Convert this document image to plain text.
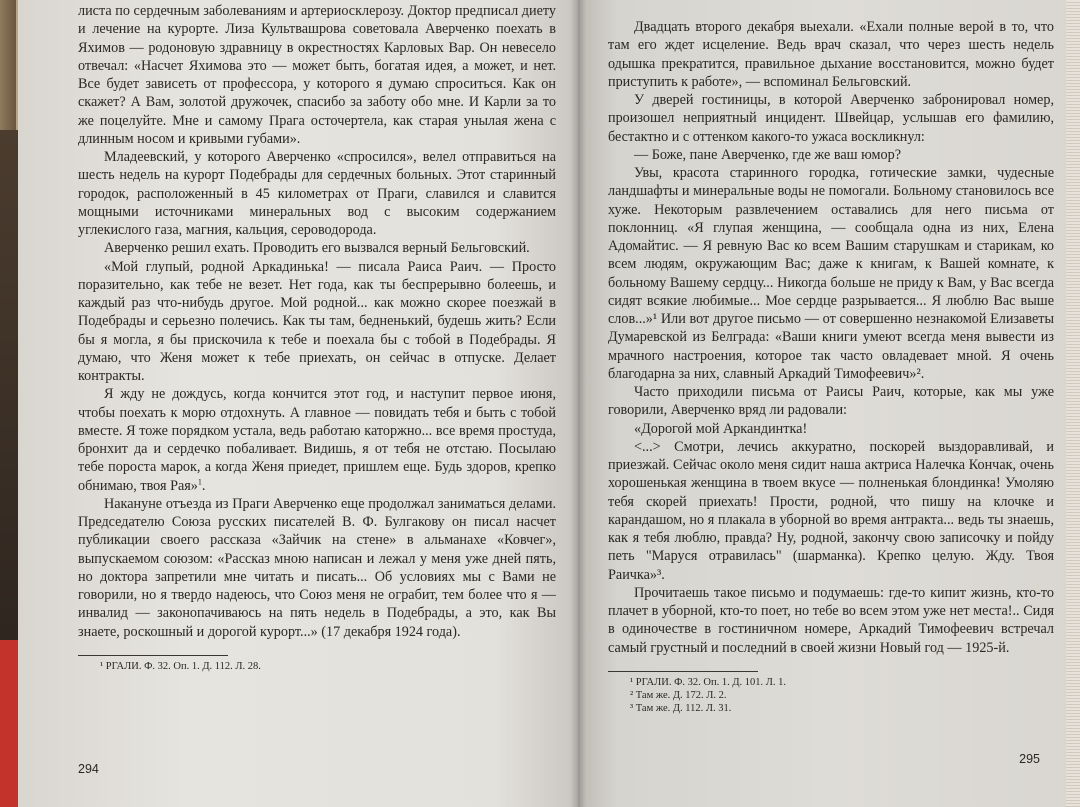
листа по сердечным заболеваниям и артериосклерозу. Доктор предписал диету и лечение на курорте. Лиза Культвашрова советовала Аверченко поехать в Яхимов — родоновую здравницу в окрестностях Карловых Вар. Он невесело отвечал: «Насчет Яхимова это — может быть, богатая идея, а может, и нет. Все будет зависеть от профессора, у которого я думаю спроситься. Как он скажет? А Вам, золотой дружочек, спасибо за заботу обо мне. И Карли за то же поцелуйте. Мне и самому Прага осточертела, как старая унылая жена с длинным носом и кривыми губами».

Младеевский, у которого Аверченко «спросился», велел отправиться на шесть недель на курорт Подебрады для сердечных больных. Этот старинный городок, расположенный в 45 километрах от Праги, славился и славится мощными источниками минеральных вод с высоким содержанием углекислого газа, магния, кальция, сероводорода.

Аверченко решил ехать. Проводить его вызвался верный Бельговский.

«Мой глупый, родной Аркадинька! — писала Раиса Раич. — Просто поразительно, как тебе не везет. Нет года, как ты беспрерывно болеешь, и каждый раз что-нибудь другое. Мой родной... как можно скорее поезжай в Подебрады и серьезно полечись. Как ты там, бедненький, будешь жить? Если бы я могла, я бы прискочила к тебе и поехала бы с тобой в Подебрады. Я думаю, что Женя может к тебе приехать, он сейчас в отпуске. Делает контракты.

Я жду не дождусь, когда кончится этот год, и наступит первое июня, чтобы поехать к морю отдохнуть. А главное — повидать тебя и быть с тобой вместе. Я тоже порядком устала, ведь работаю каторжно... все время простуда, бронхит да и сердечко побаливает. Видишь, я от тебя не отстаю. Посылаю тебе пороста марок, а когда Женя приедет, пришлем еще. Будь здоров, крепко обнимаю, твоя Рая»$^1$.

Накануне отъезда из Праги Аверченко еще продолжал заниматься делами. Председателю Союза русских писателей В. Ф. Булгакову он писал насчет публикации своего рассказа «Зайчик на стене» в альманахе «Ковчег», выпускаемом союзом: «Рассказ мною написан и лежал у меня уже дней пять, но доктора запретили мне читать и писать... Об условиях мы с Вами не говорили, но я твердо надеюсь, что Союз меня не ограбит, тем более что я — инвалид — законопачиваюсь на пять недель в Подебрады, а это, как Вы знаете, роскошный и дорогой курорт...» (17 декабря 1924 года).

¹ РГАЛИ. Ф. 32. Оп. 1. Д. 112. Л. 28.

294

Двадцать второго декабря выехали. «Ехали полные верой в то, что там его ждет исцеление. Ведь врач сказал, что через шесть недель одышка прекратится, правильное дыхание восстановится, можно будет приступить к работе», — вспоминал Бельговский.

У дверей гостиницы, в которой Аверченко забронировал номер, произошел неприятный инцидент. Швейцар, услышав его фамилию, бестактно и с оттенком какого-то ужаса воскликнул:

— Боже, пане Аверченко, где же ваш юмор?

Увы, красота старинного городка, готические замки, чудесные ландшафты и минеральные воды не помогали. Больному становилось все хуже. Некоторым развлечением оставались для него письма от поклонниц. «Я глупая женщина, — сообщала одна из них, Елена Адомайтис. — Я ревную Вас ко всем Вашим старушкам и старикам, ко всем людям, окружающим Вас; даже к книгам, к Вашей комнате, к больному Вашему сердцу... Никогда больше не приду к Вам, у Вас всегда сидят всякие любимые... Мое сердце разрывается... Я люблю Вас выше слов...»¹ Или вот другое письмо — от совершенно незнакомой Елизаветы Думаревской из Белграда: «Ваши книги умеют всегда меня вывести из мрачного настроения, которое так часто овладевает мной. Я очень благодарна за них, славный Аркадий Тимофеевич»².

Часто приходили письма от Раисы Раич, которые, как мы уже говорили, Аверченко вряд ли радовали:

«Дорогой мой Аркандинтка!

<...> Смотри, лечись аккуратно, поскорей выздоравливай, и приезжай. Сейчас около меня сидит наша актриса Налечка Кончак, очень хорошенькая женщина в твоем вкусе — полненькая блондинка! Умоляю тебя скорей приехать! Прости, родной, что пишу на клочке и карандашом, но я плакала в уборной во время антракта... ведь ты знаешь, как я тебя люблю, правда? Ну, родной, закончу свою записочку и пойду петь "Маруся отравилась" (шарманка). Крепко целую. Жду. Твоя Раичка»³.

Прочитаешь такое письмо и подумаешь: где-то кипит жизнь, кто-то плачет в уборной, кто-то поет, но тебе во всем этом уже нет места!.. Сидя в одиночестве в гостиничном номере, Аркадий Тимофеевич встречал самый грустный и последний в своей жизни Новый год — 1925-й.

¹ РГАЛИ. Ф. 32. Оп. 1. Д. 101. Л. 1.

² Там же. Д. 172. Л. 2.

³ Там же. Д. 112. Л. 31.

295
